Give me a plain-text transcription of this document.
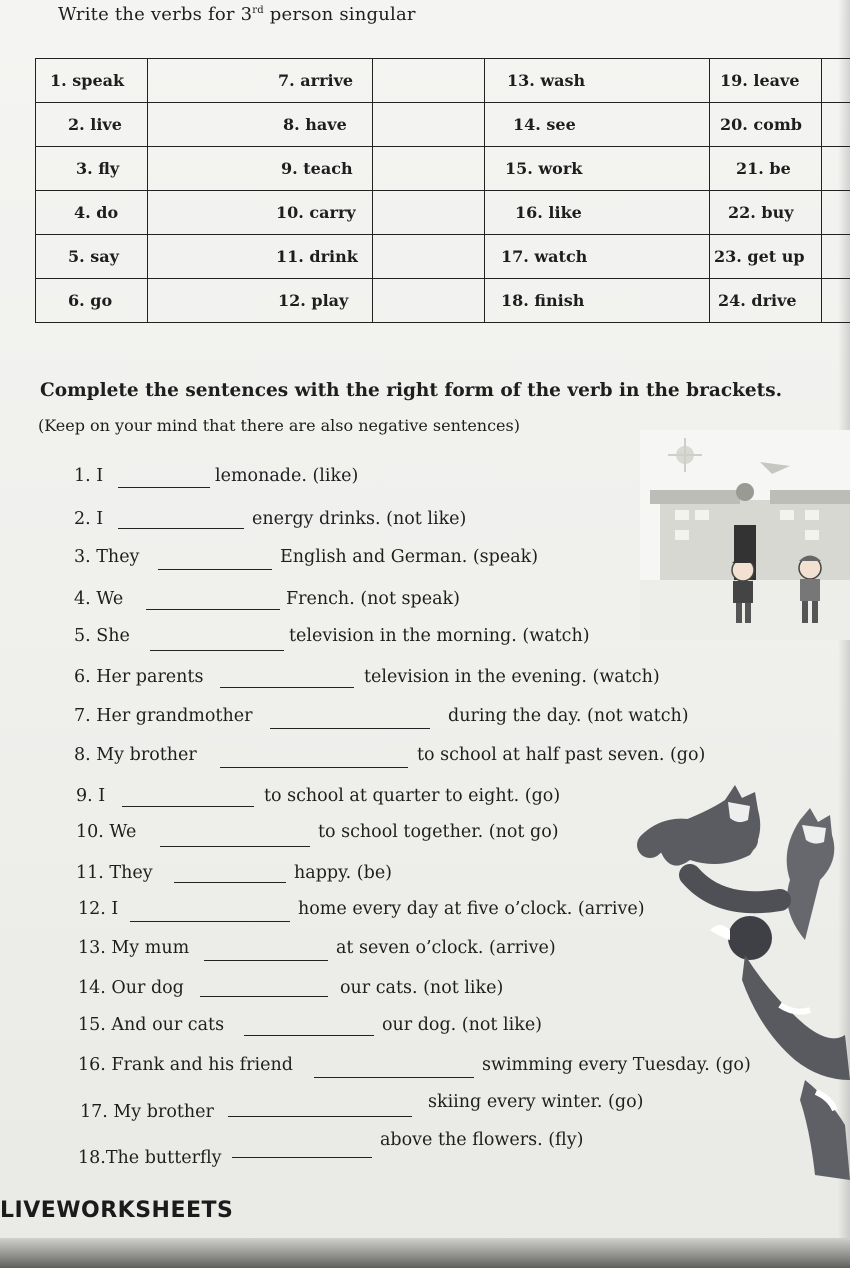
Write the verbs for 3rd person singular
1. speak	7. arrive		13. wash	19. leave	
2. live	8. have		14. see	20. comb	
3. fly	9. teach		15. work	21. be	
4. do	10. carry		16. like	22. buy	
5. say	11. drink		17. watch	23. get up	
6. go	12. play		18. finish	24. drive	
Complete the sentences with the right form of the verb in the brackets.
(Keep on your mind that there are also negative sentences)
1. I	lemonade. (like)
2. I	energy drinks. (not like)
3. They	English and German. (speak)
4. We	French. (not speak)
5. She	television in the morning. (watch)
6. Her parents	television in the evening. (watch)
7. Her grandmother	during the day. (not watch)
8. My brother	to school at half past seven. (go)
9. I	to school at quarter to eight. (go)
10. We	to school together. (not go)
11. They	happy. (be)
12. I	home every day at five o’clock. (arrive)
13. My mum	at seven o’clock. (arrive)
14. Our dog	our cats. (not like)
15. And our cats	our dog. (not like)
16. Frank and his friend	swimming every Tuesday. (go)
17. My brother	skiing every winter. (go)
18.The butterfly
above the flowers. (fly)
LIVEWORKSHEETS
